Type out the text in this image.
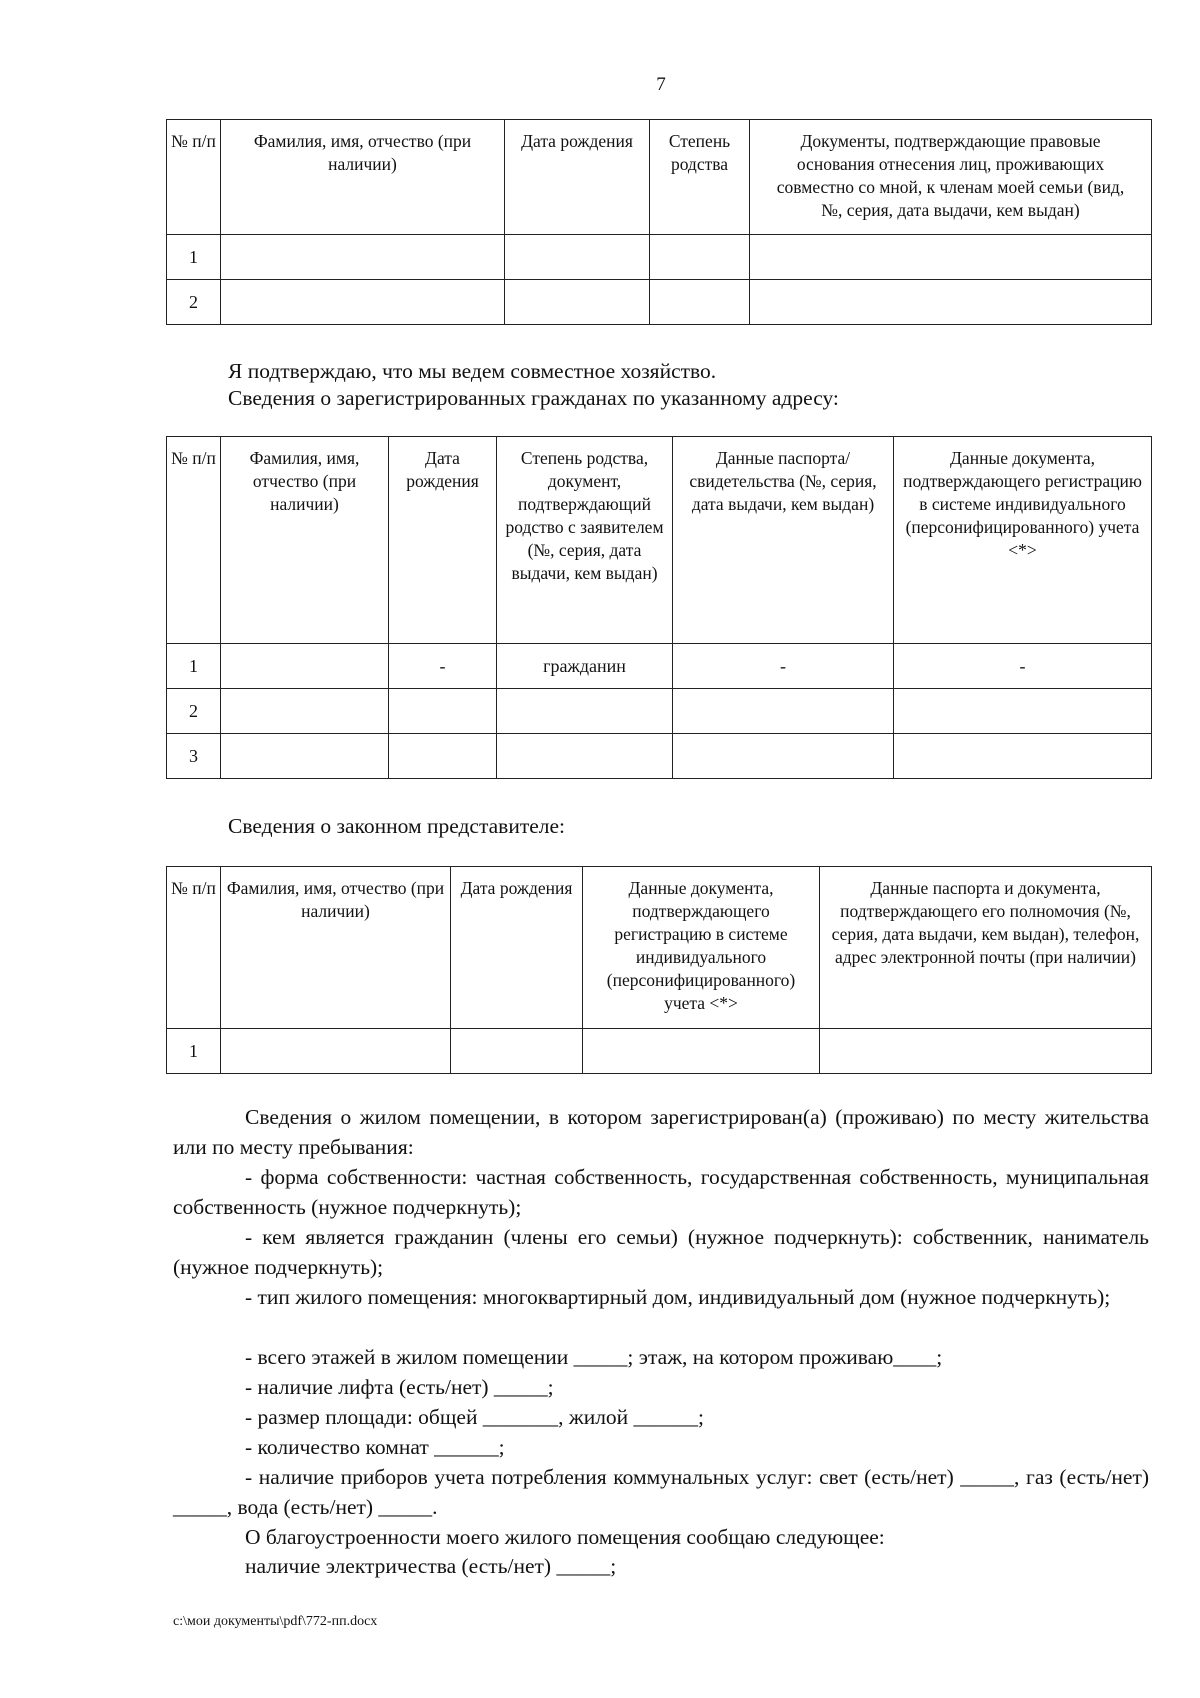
7
№ п/п	Фамилия, имя, отчество (при наличии)	Дата рождения	Степень родства	Документы, подтверждающие правовые основания отнесения лиц, проживающих совместно со мной, к членам моей семьи (вид, №, серия, дата выдачи, кем выдан)
1				
2				
Я подтверждаю, что мы ведем совместное хозяйство.
Сведения о зарегистрированных гражданах по указанному адресу:
№ п/п	Фамилия, имя, отчество (при наличии)	Дата рождения	Степень родства, документ, подтверждающий родство с заявителем (№, серия, дата выдачи, кем выдан)	Данные паспорта/свидетельства (№, серия, дата выдачи, кем выдан)	Данные документа, подтверждающего регистрацию в системе индивидуального (персонифицированного) учета <*>
1		-	гражданин	-	-
2					
3					
Сведения о законном представителе:
№ п/п	Фамилия, имя, отчество (при наличии)	Дата рождения	Данные документа, подтверждающего регистрацию в системе индивидуального (персонифицированного) учета <*>	Данные паспорта и документа, подтверждающего его полномочия (№, серия, дата выдачи, кем выдан), телефон, адрес электронной почты (при наличии)
1				
Сведения о жилом помещении, в котором зарегистрирован(а) (проживаю) по месту жительства или по месту пребывания:
- форма собственности: частная собственность, государственная собственность, муниципальная собственность (нужное подчеркнуть);
- кем является гражданин (члены его семьи) (нужное подчеркнуть): собственник, наниматель (нужное подчеркнуть);
- тип жилого помещения: многоквартирный дом, индивидуальный дом (нужное подчеркнуть);
- всего этажей в жилом помещении _____; этаж, на котором проживаю____;
- наличие лифта (есть/нет) _____;
- размер площади: общей _______, жилой ______;
- количество комнат ______;
- наличие приборов учета потребления коммунальных услуг: свет (есть/нет) _____, газ (есть/нет) _____, вода (есть/нет) _____.
О благоустроенности моего жилого помещения сообщаю следующее:
наличие электричества (есть/нет) _____;
c:\мои документы\pdf\772-пп.docx
